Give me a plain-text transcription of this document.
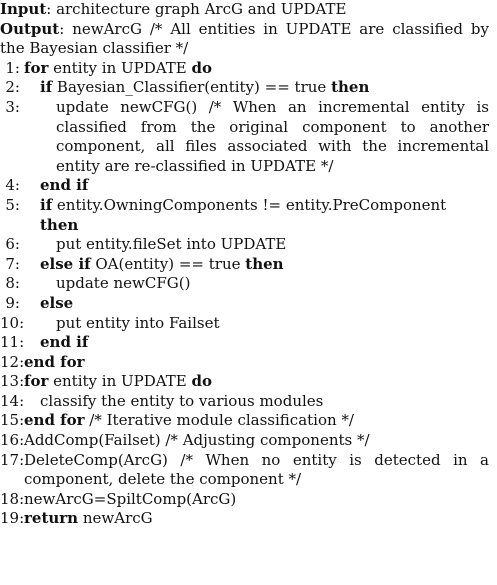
Input: architecture graph ArcG and UPDATE
Output: newArcG /* All entities in UPDATE are classified by the Bayesian classifier */
1: for entity in UPDATE do
2:	if Bayesian_Classifier(entity) == true then
3:	update newCFG() /* When an incremental entity is classified from the original component to another component, all files associated with the incremental entity are re-classified in UPDATE */
4:	end if
5:	if entity.OwningComponents != entity.PreComponent
then
6:	put entity.fileSet into UPDATE
7:	else if OA(entity) == true then
8:	update newCFG()
9:	else
10:	put entity into Failset
11:	end if
12: end for
13: for entity in UPDATE do
14:	classify the entity to various modules
15: end for /* Iterative module classification */
16: AddComp(Failset) /* Adjusting components */
17: DeleteComp(ArcG) /* When no entity is detected in a component, delete the component */
18: newArcG=SpiltComp(ArcG)
19: return newArcG
